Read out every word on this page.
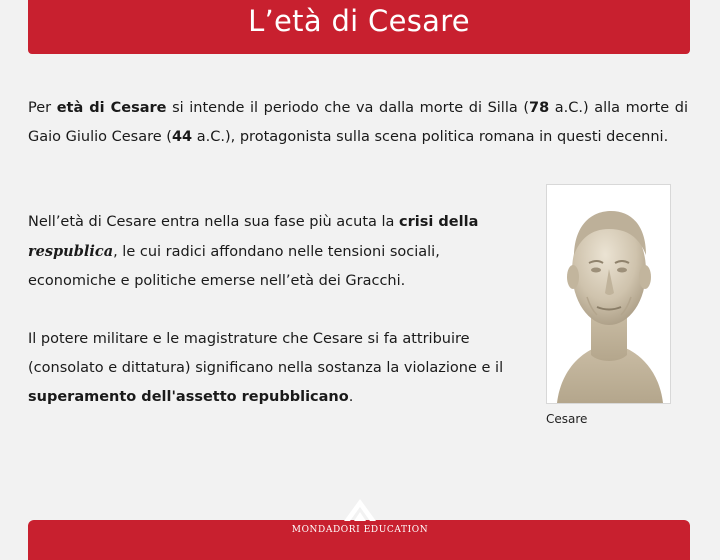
L’età di Cesare

Per età di Cesare si intende il periodo che va dalla morte di Silla (78 a.C.) alla morte di Gaio Giulio Cesare (44 a.C.), protagonista sulla scena politica romana in questi decenni.

Nell’età di Cesare entra nella sua fase più acuta la crisi della respublica, le cui radici affondano nelle tensioni sociali, economiche e politiche emerse nell’età dei Gracchi.

Il potere militare e le magistrature che Cesare si fa attribuire (consolato e dittatura) significano nella sostanza la violazione e il superamento dell'assetto repubblicano.

Cesare
MONDADORI EDUCATION
